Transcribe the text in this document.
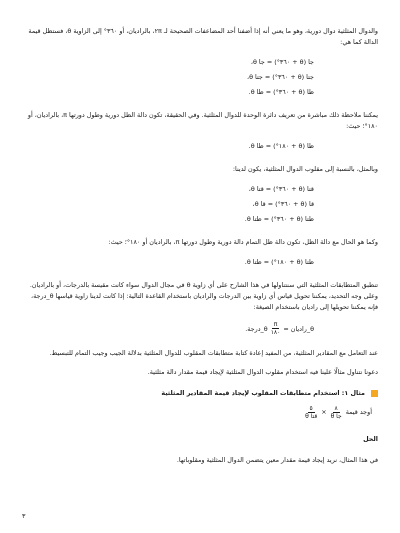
والدوال المثلثية دوال دورية، وهو ما يعني أنه إذا أضفنا أحد المضاعفات الصحيحة لـ ٢π، بالراديان، أو ٣٦٠° إلى الزاوية θ، فستظل قيمة الدالة كما هي:

جا (θ + ٣٦٠°) = جا θ،
جتا (θ + ٣٦٠°) = جتا θ،
ظا (θ + ٣٦٠°) = ظا θ.

يمكننا ملاحظة ذلك مباشرة من تعريف دائرة الوحدة للدوال المثلثية. وفي الحقيقة، تكون دالة الظل دورية وطول دورتها π، بالراديان، أو ١٨٠°؛ حيث:

ظا (θ + ١٨٠°) = ظا θ.

وبالمثل، بالنسبة إلى مقلوب الدوال المثلثية، يكون لدينا:

قتا (θ + ٣٦٠°) = قتا θ،
قا (θ + ٣٦٠°) = قا θ،
ظتا (θ + ٣٦٠°) = ظتا θ.

وكما هو الحال مع دالة الظل، تكون دالة ظل التمام دالة دورية وطول دورتها π، بالراديان أو ١٨٠°؛ حيث:

ظتا (θ + ١٨٠°) = ظتا θ.

تنطبق المتطابقات المثلثية التي سنتناولها في هذا الشارح على أي زاوية θ في مجال الدوال سواء كانت مقيسة بالدرجات، أو بالراديان. وعلى وجه التحديد، يمكننا تحويل قياس أي زاوية بين الدرجات والراديان باستخدام القاعدة التالية: إذا كانت لدينا زاوية قياسها θ_درجة، فإنه يمكننا تحويلها إلى راديان باستخدام الصيغة:

θ_راديان =
$\frac{\pi}{١٨٠}$
θ_درجة.

عند التعامل مع المقادير المثلثية، من المفيد إعادة كتابة متطابقات المقلوب للدوال المثلثية بدلالة الجيب وجيب التمام للتبسيط.

دعونا نتناول مثالًا علينا فيه استخدام مقلوب الدوال المثلثية لإيجاد قيمة مقدار دالة مثلثية.

مثال ١: استخدام متطابقات المقلوب لإيجاد قيمة المقادير المثلثية
أوجد قيمة
$\frac{٨}{\text{جا θ}}$
×
$\frac{٥}{\text{قتا θ}}$
الحل

في هذا المثال، نريد إيجاد قيمة مقدار معين يتضمن الدوال المثلثية ومقلوباتها.

٣
